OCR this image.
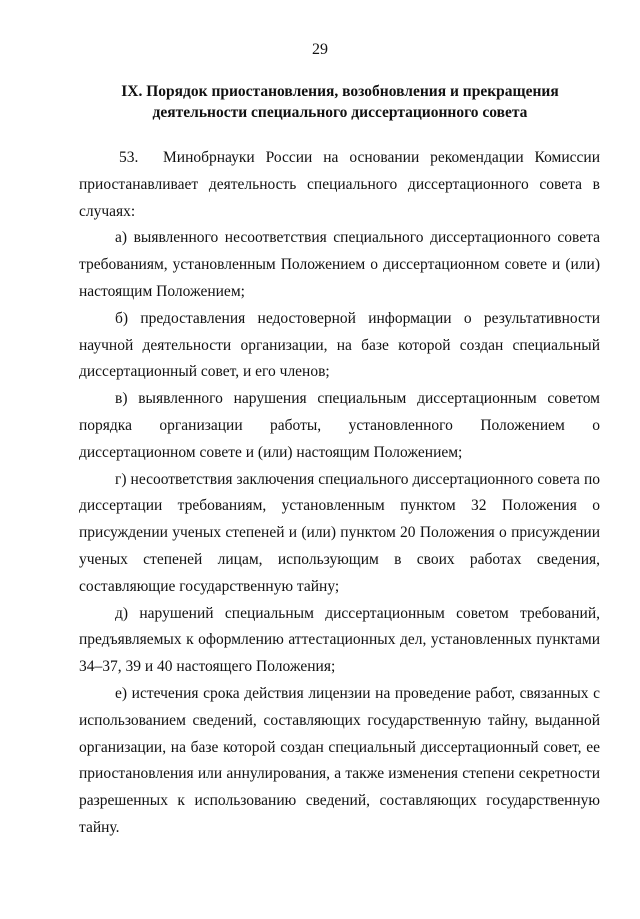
29
IX. Порядок приостановления, возобновления и прекращения
деятельности специального диссертационного совета

53. Минобрнауки России на основании рекомендации Комиссии приостанавливает деятельность специального диссертационного совета в случаях:

а) выявленного несоответствия специального диссертационного совета требованиям, установленным Положением о диссертационном совете и (или) настоящим Положением;

б) предоставления недостоверной информации о результативности научной деятельности организации, на базе которой создан специальный диссертационный совет, и его членов;

в) выявленного нарушения специальным диссертационным советом порядка организации работы, установленного Положением о диссертационном совете и (или) настоящим Положением;

г) несоответствия заключения специального диссертационного совета по диссертации требованиям, установленным пунктом 32 Положения о присуждении ученых степеней и (или) пунктом 20 Положения о присуждении ученых степеней лицам, использующим в своих работах сведения, составляющие государственную тайну;

д) нарушений специальным диссертационным советом требований, предъявляемых к оформлению аттестационных дел, установленных пунктами 34–37, 39 и 40 настоящего Положения;

е) истечения срока действия лицензии на проведение работ, связанных с использованием сведений, составляющих государственную тайну, выданной организации, на базе которой создан специальный диссертационный совет, ее приостановления или аннулирования, а также изменения степени секретности разрешенных к использованию сведений, составляющих государственную тайну.
